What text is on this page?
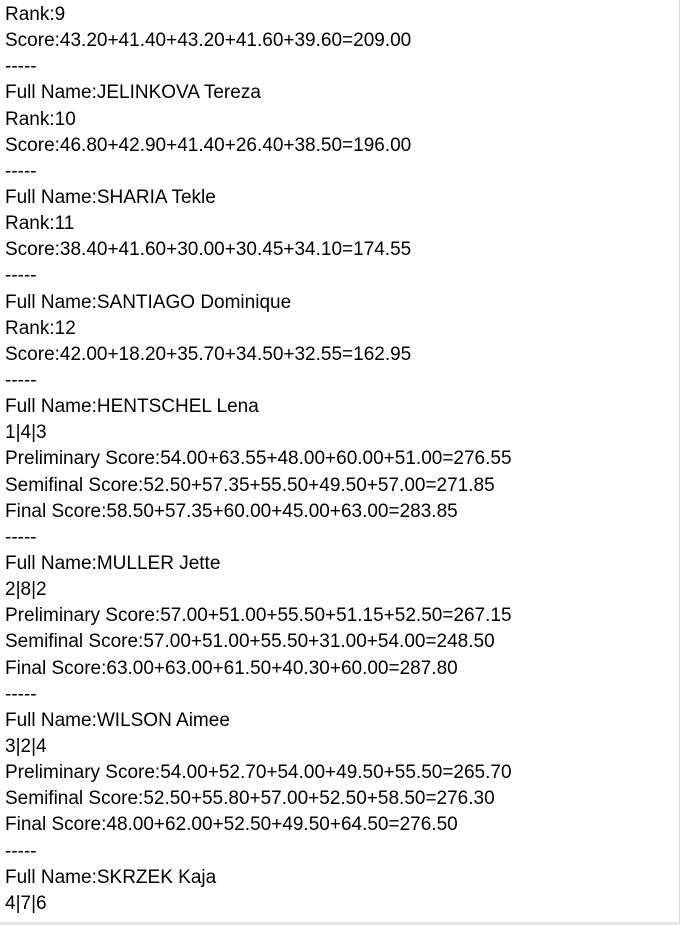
Rank:9
Score:43.20+41.40+43.20+41.60+39.60=209.00
-----
Full Name:JELINKOVA Tereza
Rank:10
Score:46.80+42.90+41.40+26.40+38.50=196.00
-----
Full Name:SHARIA Tekle
Rank:11
Score:38.40+41.60+30.00+30.45+34.10=174.55
-----
Full Name:SANTIAGO Dominique
Rank:12
Score:42.00+18.20+35.70+34.50+32.55=162.95
-----
Full Name:HENTSCHEL Lena
1|4|3
Preliminary Score:54.00+63.55+48.00+60.00+51.00=276.55
Semifinal Score:52.50+57.35+55.50+49.50+57.00=271.85
Final Score:58.50+57.35+60.00+45.00+63.00=283.85
-----
Full Name:MULLER Jette
2|8|2
Preliminary Score:57.00+51.00+55.50+51.15+52.50=267.15
Semifinal Score:57.00+51.00+55.50+31.00+54.00=248.50
Final Score:63.00+63.00+61.50+40.30+60.00=287.80
-----
Full Name:WILSON Aimee
3|2|4
Preliminary Score:54.00+52.70+54.00+49.50+55.50=265.70
Semifinal Score:52.50+55.80+57.00+52.50+58.50=276.30
Final Score:48.00+62.00+52.50+49.50+64.50=276.50
-----
Full Name:SKRZEK Kaja
4|7|6
